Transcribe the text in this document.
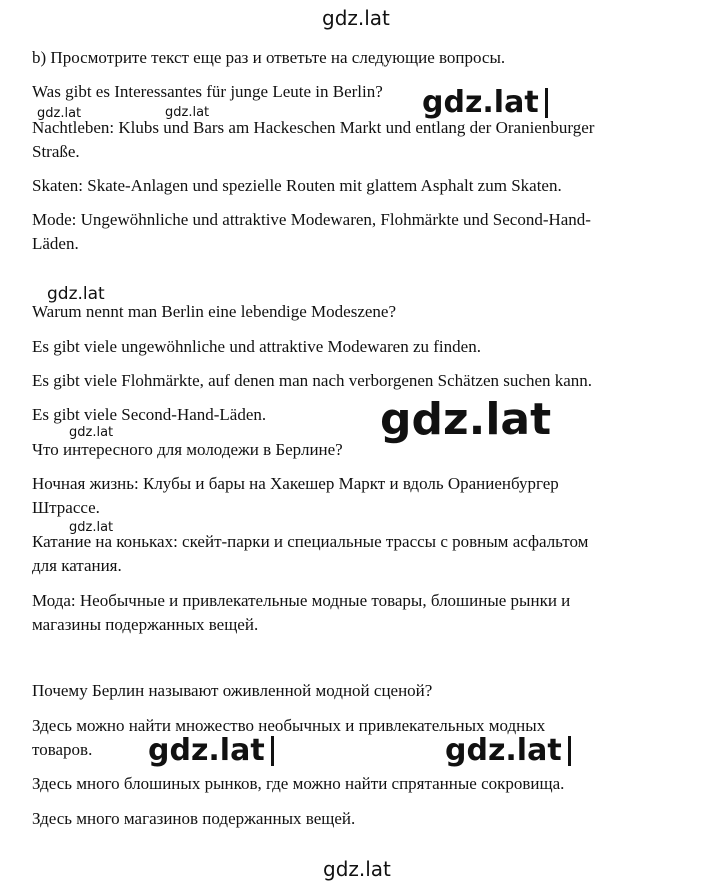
b) Просмотрите текст еще раз и ответьте на следующие вопросы.
Was gibt es Interessantes für junge Leute in Berlin?
Nachtleben: Klubs und Bars am Hackeschen Markt und entlang der Oranienburger
Straße.
Skaten: Skate-Anlagen und spezielle Routen mit glattem Asphalt zum Skaten.
Mode: Ungewöhnliche und attraktive Modewaren, Flohmärkte und Second-Hand-
Läden.
Warum nennt man Berlin eine lebendige Modeszene?
Es gibt viele ungewöhnliche und attraktive Modewaren zu finden.
Es gibt viele Flohmärkte, auf denen man nach verborgenen Schätzen suchen kann.
Es gibt viele Second-Hand-Läden.
Что интересного для молодежи в Берлине?
Ночная жизнь: Клубы и бары на Хакешер Маркт и вдоль Ораниенбургер
Штрассе.
Катание на коньках: скейт-парки и специальные трассы с ровным асфальтом
для катания.
Мода: Необычные и привлекательные модные товары, блошиные рынки и
магазины подержанных вещей.
Почему Берлин называют оживленной модной сценой?
Здесь можно найти множество необычных и привлекательных модных
товаров.
Здесь много блошиных рынков, где можно найти спрятанные сокровища.
Здесь много магазинов подержанных вещей.
gdz.lat
gdz.lat	gdz.lat	gdz.lat
gdz.lat
gdz.lat
gdz.lat
gdz.lat
gdz.lat	gdz.lat
gdz.lat
